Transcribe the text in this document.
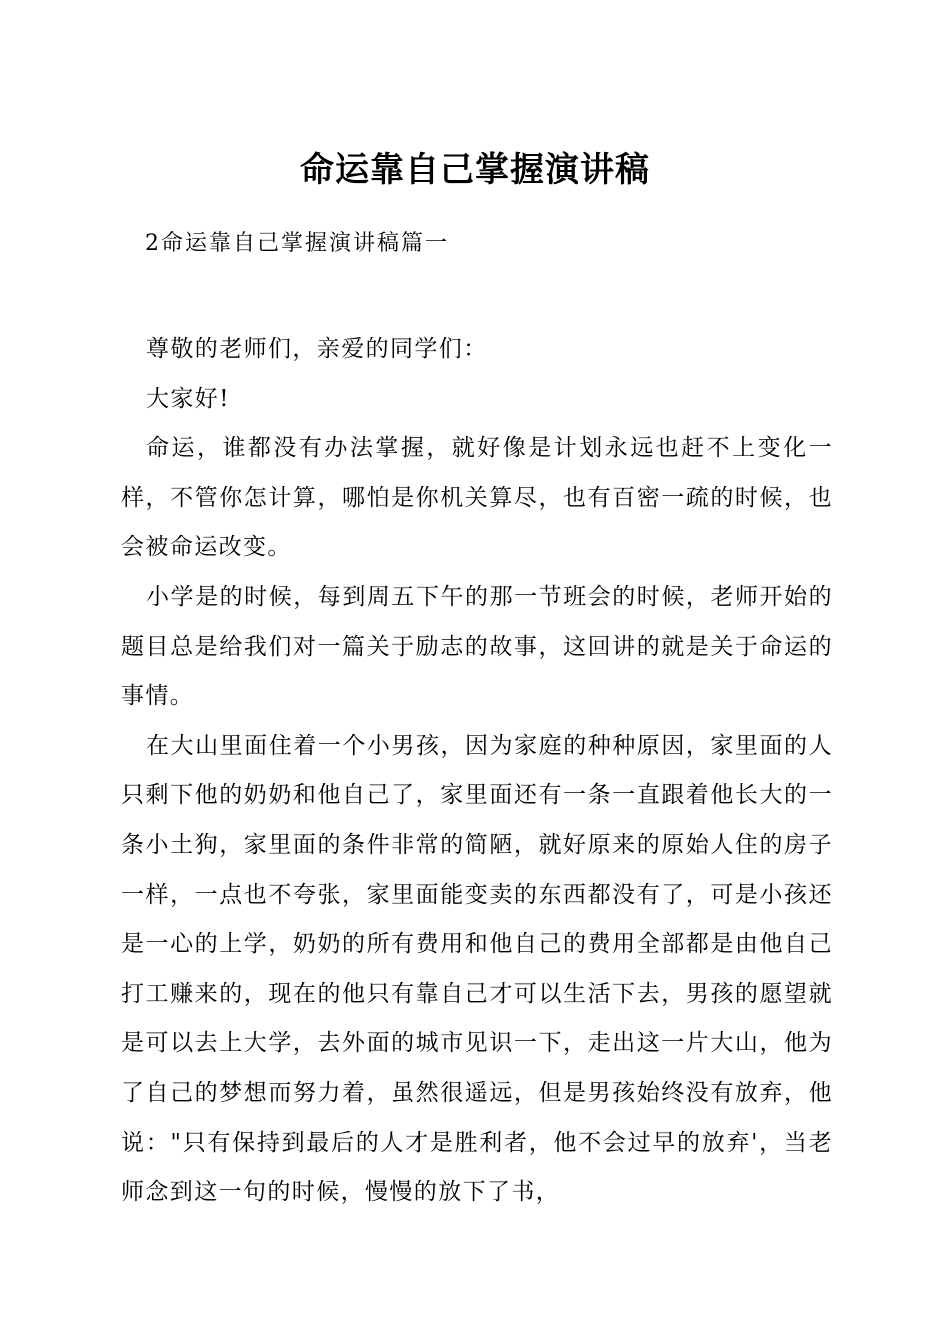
命运靠自己掌握演讲稿
2命运靠自己掌握演讲稿篇一

尊敬的老师们，亲爱的同学们：

大家好!

命运，谁都没有办法掌握，就好像是计划永远也赶不上变化一样，不管你怎计算，哪怕是你机关算尽，也有百密一疏的时候，也会被命运改变。

小学是的时候，每到周五下午的那一节班会的时候，老师开始的题目总是给我们对一篇关于励志的故事，这回讲的就是关于命运的事情。

在大山里面住着一个小男孩，因为家庭的种种原因，家里面的人只剩下他的奶奶和他自己了，家里面还有一条一直跟着他长大的一条小土狗，家里面的条件非常的简陋，就好原来的原始人住的房子一样，一点也不夸张，家里面能变卖的东西都没有了，可是小孩还是一心的上学，奶奶的所有费用和他自己的费用全部都是由他自己打工赚来的，现在的他只有靠自己才可以生活下去，男孩的愿望就是可以去上大学，去外面的城市见识一下，走出这一片大山，他为了自己的梦想而努力着，虽然很遥远，但是男孩始终没有放弃，他说："只有保持到最后的人才是胜利者，他不会过早的放弃'，当老师念到这一句的时候，慢慢的放下了书，
